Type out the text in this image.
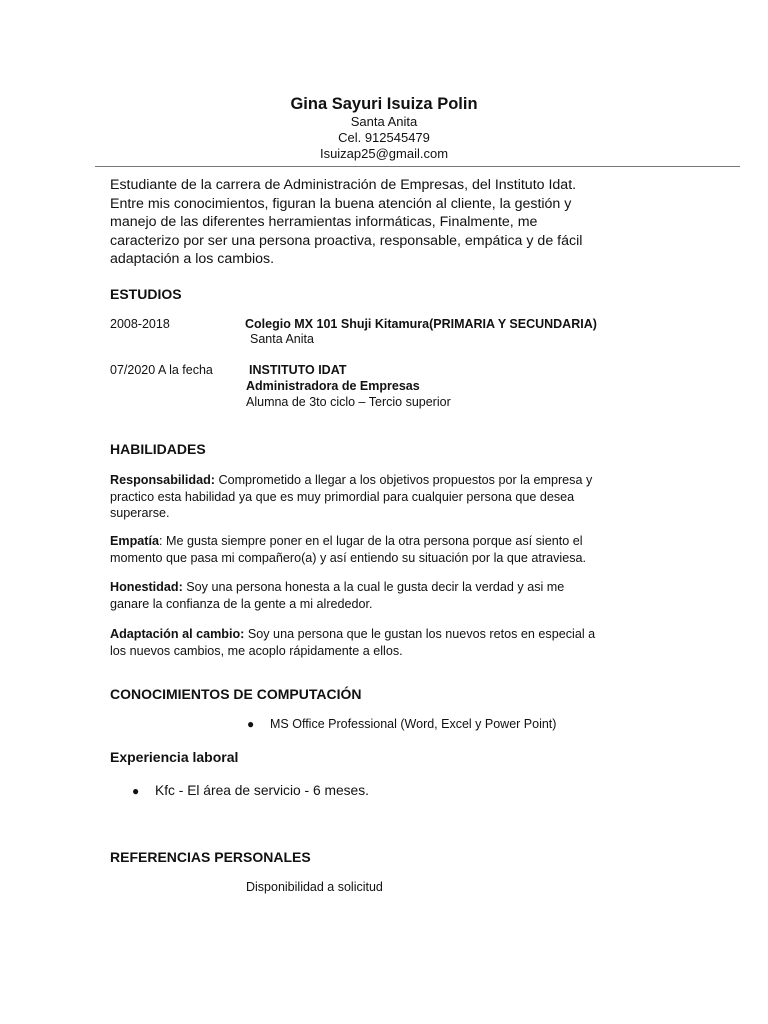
Gina Sayuri Isuiza Polin
Santa Anita
Cel. 912545479
Isuizap25@gmail.com
Estudiante de la carrera de Administración de Empresas, del Instituto Idat.
Entre mis conocimientos, figuran la buena atención al cliente, la gestión y
manejo de las diferentes herramientas informáticas, Finalmente, me
caracterizo por ser una persona proactiva, responsable, empática y de fácil
adaptación a los cambios.
ESTUDIOS
2008-2018	Colegio MX 101 Shuji Kitamura(PRIMARIA Y SECUNDARIA)
Santa Anita
07/2020 A la fecha	INSTITUTO IDAT
Administradora de Empresas
Alumna de 3to ciclo – Tercio superior
HABILIDADES
Responsabilidad: Comprometido a llegar a los objetivos propuestos por la empresa y
practico esta habilidad ya que es muy primordial para cualquier persona que desea
superarse.
Empatía: Me gusta siempre poner en el lugar de la otra persona porque así siento el
momento que pasa mi compañero(a) y así entiendo su situación por la que atraviesa.
Honestidad: Soy una persona honesta a la cual le gusta decir la verdad y asi me
ganare la confianza de la gente a mi alrededor.
Adaptación al cambio: Soy una persona que le gustan los nuevos retos en especial a
los nuevos cambios, me acoplo rápidamente a ellos.
CONOCIMIENTOS DE COMPUTACIÓN
● MS Office Professional (Word, Excel y Power Point)
Experiencia laboral
● Kfc - El área de servicio - 6 meses.
REFERENCIAS PERSONALES
Disponibilidad a solicitud
